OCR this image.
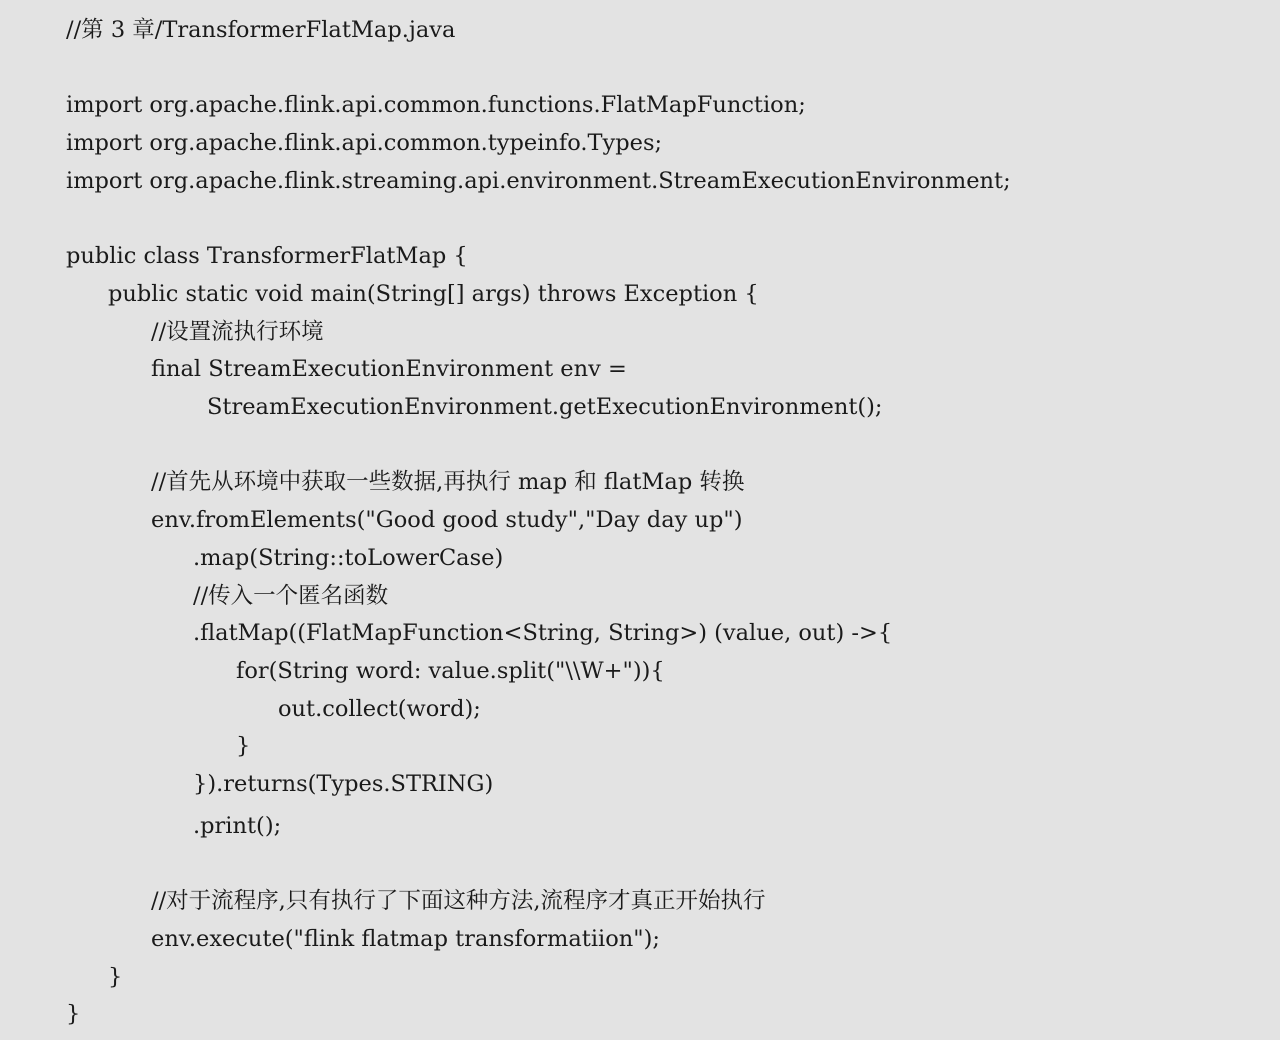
//第 3 章/TransformerFlatMap.java
import org.apache.flink.api.common.functions.FlatMapFunction;
import org.apache.flink.api.common.typeinfo.Types;
import org.apache.flink.streaming.api.environment.StreamExecutionEnvironment;
public class TransformerFlatMap {
public static void main(String[] args) throws Exception {
//设置流执行环境
final StreamExecutionEnvironment env =
StreamExecutionEnvironment.getExecutionEnvironment();
//首先从环境中获取一些数据,再执行 map 和 flatMap 转换
env.fromElements("Good good study","Day day up")
.map(String::toLowerCase)
//传入一个匿名函数
.flatMap((FlatMapFunction<String, String>) (value, out) ->{
for(String word: value.split("\\W+")){
out.collect(word);
}
}).returns(Types.STRING)
.print();
//对于流程序,只有执行了下面这种方法,流程序才真正开始执行
env.execute("flink flatmap transformatiion");
}
}
